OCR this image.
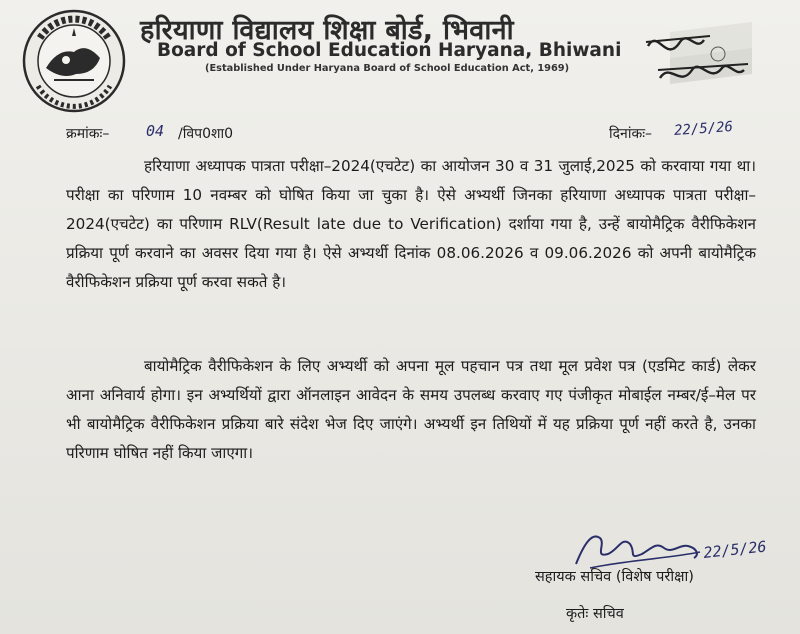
हरियाणा विद्यालय शिक्षा बोर्ड, भिवानी
Board of School Education Haryana, Bhiwani
(Established Under Haryana Board of School Education Act, 1969)
क्रमांकः– 04 /विप0शा0	दिनांकः– 22/5/26

हरियाणा अध्यापक पात्रता परीक्षा–2024(एचटेट) का आयोजन 30 व 31 जुलाई,2025 को करवाया गया था। परीक्षा का परिणाम 10 नवम्बर को घोषित किया जा चुका है। ऐसे अभ्यर्थी जिनका हरियाणा अध्यापक पात्रता परीक्षा–2024(एचटेट) का परिणाम RLV(Result late due to Verification) दर्शाया गया है, उन्हें बायोमैट्रिक वैरीफिकेशन प्रक्रिया पूर्ण करवाने का अवसर दिया गया है। ऐसे अभ्यर्थी दिनांक 08.06.2026 व 09.06.2026 को अपनी बायोमैट्रिक वैरीफिकेशन प्रक्रिया पूर्ण करवा सकते है।

बायोमैट्रिक वैरीफिकेशन के लिए अभ्यर्थी को अपना मूल पहचान पत्र तथा मूल प्रवेश पत्र (एडमिट कार्ड) लेकर आना अनिवार्य होगा। इन अभ्यर्थियों द्वारा ऑनलाइन आवेदन के समय उपलब्ध करवाए गए पंजीकृत मोबाईल नम्बर/ई–मेल पर भी बायोमैट्रिक वैरीफिकेशन प्रक्रिया बारे संदेश भेज दिए जाएंगे। अभ्यर्थी इन तिथियों में यह प्रक्रिया पूर्ण नहीं करते है, उनका परिणाम घोषित नहीं किया जाएगा।

22/5/26
सहायक सचिव (विशेष परीक्षा)
कृतेः सचिव
